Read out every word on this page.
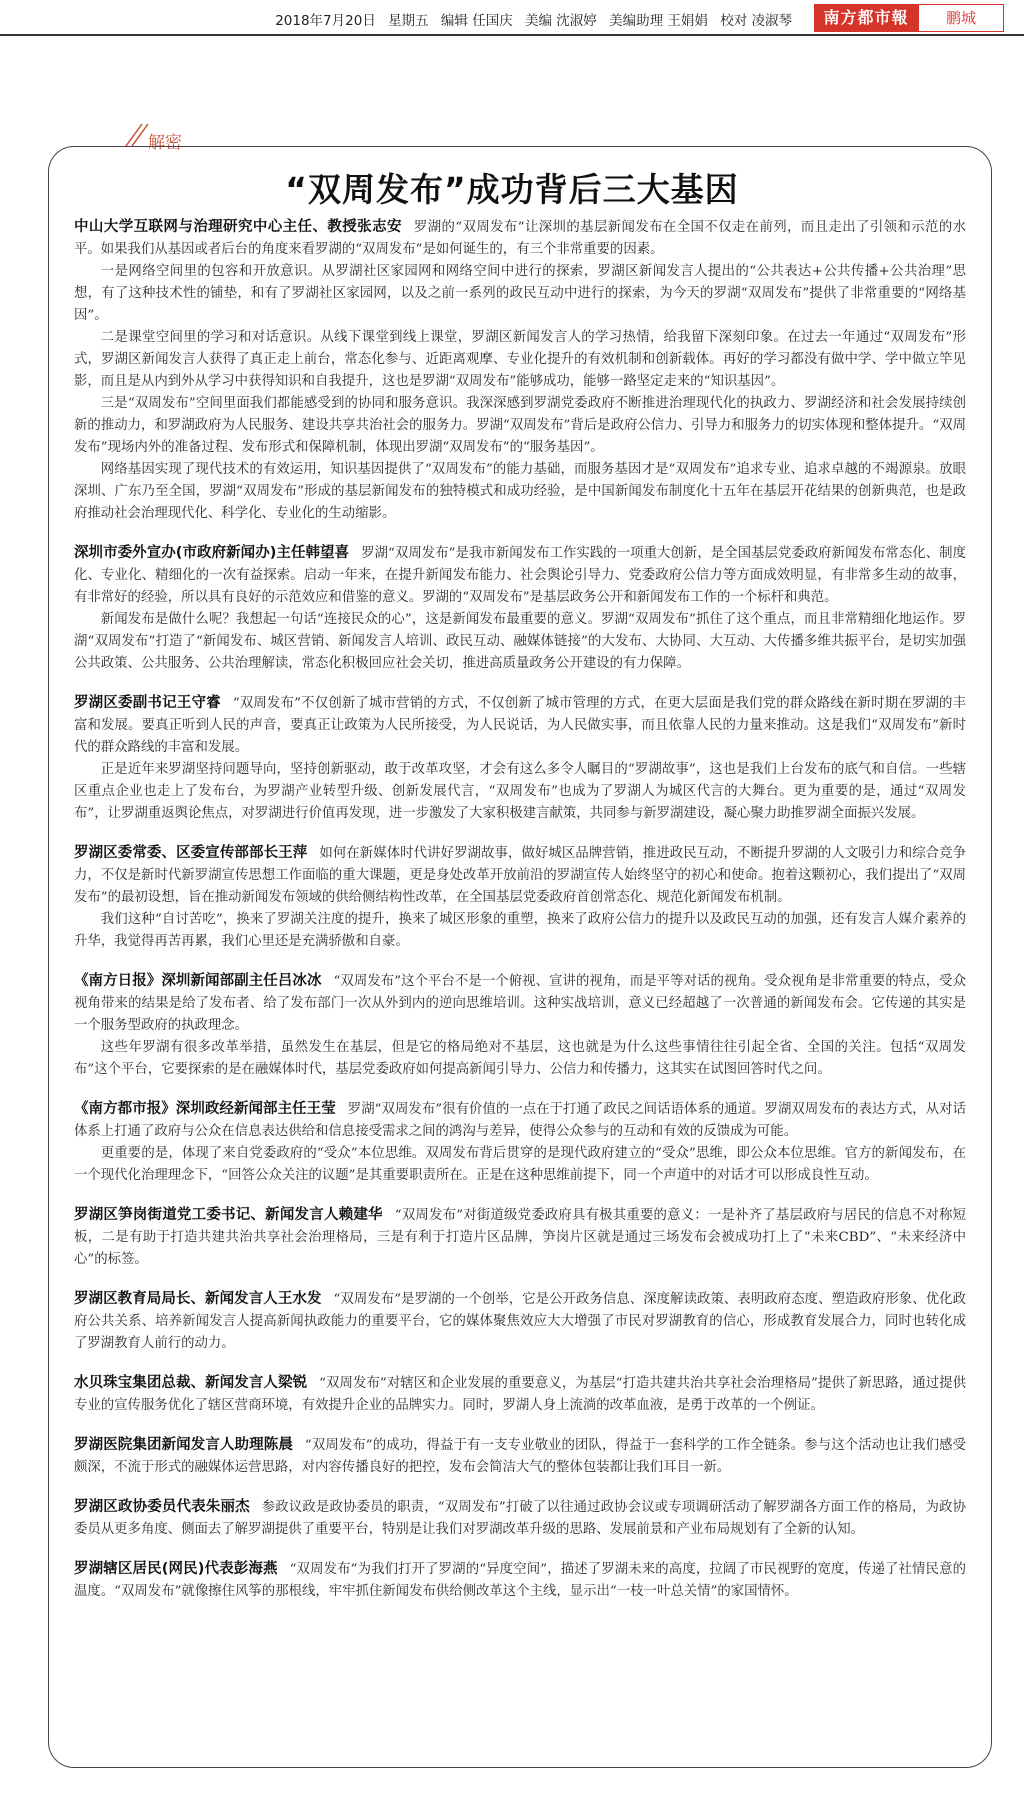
2018年7月20日 星期五 编辑 任国庆 美编 沈淑婷 美编助理 王娟娟 校对 凌淑琴	南方都市報	鹏城
解密
“双周发布”成功背后三大基因

中山大学互联网与治理研究中心主任、教授张志安 罗湖的“双周发布”让深圳的基层新闻发布在全国不仅走在前列，而且走出了引领和示范的水平。如果我们从基因或者后台的角度来看罗湖的“双周发布”是如何诞生的，有三个非常重要的因素。

一是网络空间里的包容和开放意识。从罗湖社区家园网和网络空间中进行的探索，罗湖区新闻发言人提出的“公共表达+公共传播+公共治理”思想，有了这种技术性的铺垫，和有了罗湖社区家园网，以及之前一系列的政民互动中进行的探索，为今天的罗湖“双周发布”提供了非常重要的“网络基因”。

二是课堂空间里的学习和对话意识。从线下课堂到线上课堂，罗湖区新闻发言人的学习热情，给我留下深刻印象。在过去一年通过“双周发布”形式，罗湖区新闻发言人获得了真正走上前台，常态化参与、近距离观摩、专业化提升的有效机制和创新载体。再好的学习都没有做中学、学中做立竿见影，而且是从内到外从学习中获得知识和自我提升，这也是罗湖“双周发布”能够成功，能够一路坚定走来的“知识基因”。

三是“双周发布”空间里面我们都能感受到的协同和服务意识。我深深感到罗湖党委政府不断推进治理现代化的执政力、罗湖经济和社会发展持续创新的推动力，和罗湖政府为人民服务、建设共享共治社会的服务力。罗湖“双周发布”背后是政府公信力、引导力和服务力的切实体现和整体提升。“双周发布”现场内外的准备过程、发布形式和保障机制，体现出罗湖“双周发布”的“服务基因”。

网络基因实现了现代技术的有效运用，知识基因提供了“双周发布”的能力基础，而服务基因才是“双周发布”追求专业、追求卓越的不竭源泉。放眼深圳、广东乃至全国，罗湖“双周发布”形成的基层新闻发布的独特模式和成功经验，是中国新闻发布制度化十五年在基层开花结果的创新典范，也是政府推动社会治理现代化、科学化、专业化的生动缩影。

深圳市委外宣办(市政府新闻办)主任韩望喜 罗湖“双周发布”是我市新闻发布工作实践的一项重大创新，是全国基层党委政府新闻发布常态化、制度化、专业化、精细化的一次有益探索。启动一年来，在提升新闻发布能力、社会舆论引导力、党委政府公信力等方面成效明显，有非常多生动的故事，有非常好的经验，所以具有良好的示范效应和借鉴的意义。罗湖的“双周发布”是基层政务公开和新闻发布工作的一个标杆和典范。

新闻发布是做什么呢？我想起一句话“连接民众的心”，这是新闻发布最重要的意义。罗湖“双周发布”抓住了这个重点，而且非常精细化地运作。罗湖“双周发布”打造了“新闻发布、城区营销、新闻发言人培训、政民互动、融媒体链接”的大发布、大协同、大互动、大传播多维共振平台，是切实加强公共政策、公共服务、公共治理解读，常态化积极回应社会关切，推进高质量政务公开建设的有力保障。

罗湖区委副书记王守睿 “双周发布”不仅创新了城市营销的方式，不仅创新了城市管理的方式，在更大层面是我们党的群众路线在新时期在罗湖的丰富和发展。要真正听到人民的声音，要真正让政策为人民所接受，为人民说话，为人民做实事，而且依靠人民的力量来推动。这是我们“双周发布”新时代的群众路线的丰富和发展。

正是近年来罗湖坚持问题导向，坚持创新驱动，敢于改革攻坚，才会有这么多令人瞩目的“罗湖故事”，这也是我们上台发布的底气和自信。一些辖区重点企业也走上了发布台，为罗湖产业转型升级、创新发展代言，“双周发布”也成为了罗湖人为城区代言的大舞台。更为重要的是，通过“双周发布”，让罗湖重返舆论焦点，对罗湖进行价值再发现，进一步激发了大家积极建言献策，共同参与新罗湖建设，凝心聚力助推罗湖全面振兴发展。

罗湖区委常委、区委宣传部部长王萍 如何在新媒体时代讲好罗湖故事，做好城区品牌营销，推进政民互动，不断提升罗湖的人文吸引力和综合竞争力，不仅是新时代新罗湖宣传思想工作面临的重大课题，更是身处改革开放前沿的罗湖宣传人始终坚守的初心和使命。抱着这颗初心，我们提出了“双周发布”的最初设想，旨在推动新闻发布领域的供给侧结构性改革，在全国基层党委政府首创常态化、规范化新闻发布机制。

我们这种“自讨苦吃”，换来了罗湖关注度的提升，换来了城区形象的重塑，换来了政府公信力的提升以及政民互动的加强，还有发言人媒介素养的升华，我觉得再苦再累，我们心里还是充满骄傲和自豪。

《南方日报》深圳新闻部副主任吕冰冰 “双周发布”这个平台不是一个俯视、宣讲的视角，而是平等对话的视角。受众视角是非常重要的特点，受众视角带来的结果是给了发布者、给了发布部门一次从外到内的逆向思维培训。这种实战培训，意义已经超越了一次普通的新闻发布会。它传递的其实是一个服务型政府的执政理念。

这些年罗湖有很多改革举措，虽然发生在基层，但是它的格局绝对不基层，这也就是为什么这些事情往往引起全省、全国的关注。包括“双周发布”这个平台，它要探索的是在融媒体时代，基层党委政府如何提高新闻引导力、公信力和传播力，这其实在试图回答时代之问。

《南方都市报》深圳政经新闻部主任王莹 罗湖“双周发布”很有价值的一点在于打通了政民之间话语体系的通道。罗湖双周发布的表达方式，从对话体系上打通了政府与公众在信息表达供给和信息接受需求之间的鸿沟与差异，使得公众参与的互动和有效的反馈成为可能。

更重要的是，体现了来自党委政府的“受众”本位思维。双周发布背后贯穿的是现代政府建立的“受众”思维，即公众本位思维。官方的新闻发布，在一个现代化治理理念下，“回答公众关注的议题”是其重要职责所在。正是在这种思维前提下，同一个声道中的对话才可以形成良性互动。

罗湖区笋岗街道党工委书记、新闻发言人赖建华 “双周发布”对街道级党委政府具有极其重要的意义：一是补齐了基层政府与居民的信息不对称短板，二是有助于打造共建共治共享社会治理格局，三是有利于打造片区品牌，笋岗片区就是通过三场发布会被成功打上了“未来CBD”、“未来经济中心”的标签。

罗湖区教育局局长、新闻发言人王水发 “双周发布”是罗湖的一个创举，它是公开政务信息、深度解读政策、表明政府态度、塑造政府形象、优化政府公共关系、培养新闻发言人提高新闻执政能力的重要平台，它的媒体聚焦效应大大增强了市民对罗湖教育的信心，形成教育发展合力，同时也转化成了罗湖教育人前行的动力。

水贝珠宝集团总裁、新闻发言人梁锐 “双周发布”对辖区和企业发展的重要意义，为基层“打造共建共治共享社会治理格局”提供了新思路，通过提供专业的宣传服务优化了辖区营商环境，有效提升企业的品牌实力。同时，罗湖人身上流淌的改革血液，是勇于改革的一个例证。

罗湖医院集团新闻发言人助理陈晨 “双周发布”的成功，得益于有一支专业敬业的团队，得益于一套科学的工作全链条。参与这个活动也让我们感受颇深，不流于形式的融媒体运营思路，对内容传播良好的把控，发布会简洁大气的整体包装都让我们耳目一新。

罗湖区政协委员代表朱丽杰 参政议政是政协委员的职责，“双周发布”打破了以往通过政协会议或专项调研活动了解罗湖各方面工作的格局，为政协委员从更多角度、侧面去了解罗湖提供了重要平台，特别是让我们对罗湖改革升级的思路、发展前景和产业布局规划有了全新的认知。

罗湖辖区居民(网民)代表彭海燕 “双周发布”为我们打开了罗湖的“异度空间”，描述了罗湖未来的高度，拉阔了市民视野的宽度，传递了社情民意的温度。“双周发布”就像擦住风筝的那根线，牢牢抓住新闻发布供给侧改革这个主线，显示出“一枝一叶总关情”的家国情怀。
